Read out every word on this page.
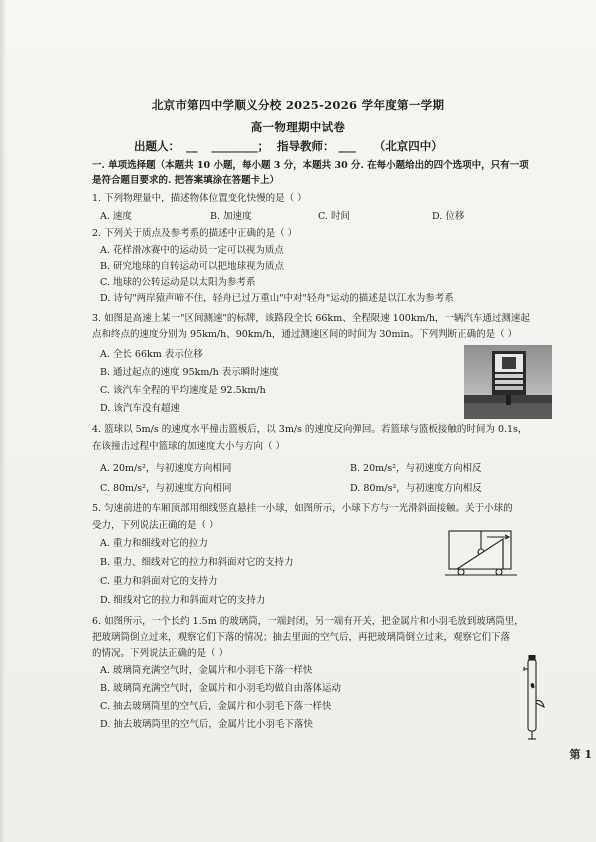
北京市第四中学顺义分校 2025-2026 学年度第一学期
高一物理期中试卷
出题人： __ ________； 指导教师： ___ （北京四中）
一. 单项选择题（本题共 10 小题，每小题 3 分，本题共 30 分. 在每小题给出的四个选项中，只有一项
是符合题目要求的. 把答案填涂在答题卡上）
1. 下列物理量中，描述物体位置变化快慢的是（ ）
A. 速度	B. 加速度	C. 时间	D. 位移
2. 下列关于质点及参考系的描述中正确的是（ ）
A. 花样滑冰赛中的运动员一定可以视为质点
B. 研究地球的自转运动可以把地球视为质点
C. 地球的公转运动是以太阳为参考系
D. 诗句"两岸猿声啼不住，轻舟已过万重山"中对"轻舟"运动的描述是以江水为参考系
3. 如图是高速上某一"区间测速"的标牌，该路段全长 66km、全程限速 100km/h，一辆汽车通过测速起
点和终点的速度分别为 95km/h、90km/h，通过测速区间的时间为 30min。下列判断正确的是（ ）
A. 全长 66km 表示位移
B. 通过起点的速度 95km/h 表示瞬时速度
C. 该汽车全程的平均速度是 92.5km/h
D. 该汽车没有超速
4. 篮球以 5m/s 的速度水平撞击篮板后，以 3m/s 的速度反向弹回。若篮球与篮板接触的时间为 0.1s，
在该撞击过程中篮球的加速度大小与方向（ ）
A. 20m/s²，与初速度方向相同	B. 20m/s²，与初速度方向相反
C. 80m/s²，与初速度方向相同	D. 80m/s²，与初速度方向相反
5. 匀速前进的车厢顶部用细线竖直悬挂一小球，如图所示，小球下方与一光滑斜面接触。关于小球的
受力，下列说法正确的是（ ）
A. 重力和细线对它的拉力
B. 重力、细线对它的拉力和斜面对它的支持力
C. 重力和斜面对它的支持力
D. 细线对它的拉力和斜面对它的支持力
6. 如图所示，一个长约 1.5m 的玻璃筒，一端封闭，另一端有开关，把金属片和小羽毛放到玻璃筒里，
把玻璃筒倒立过来，观察它们下落的情况；抽去里面的空气后，再把玻璃筒倒立过来，观察它们下落
的情况。下列说法正确的是（ ）
A. 玻璃筒充满空气时，金属片和小羽毛下落一样快
B. 玻璃筒充满空气时，金属片和小羽毛均做自由落体运动
C. 抽去玻璃筒里的空气后，金属片和小羽毛下落一样快
D. 抽去玻璃筒里的空气后，金属片比小羽毛下落快
第 1
